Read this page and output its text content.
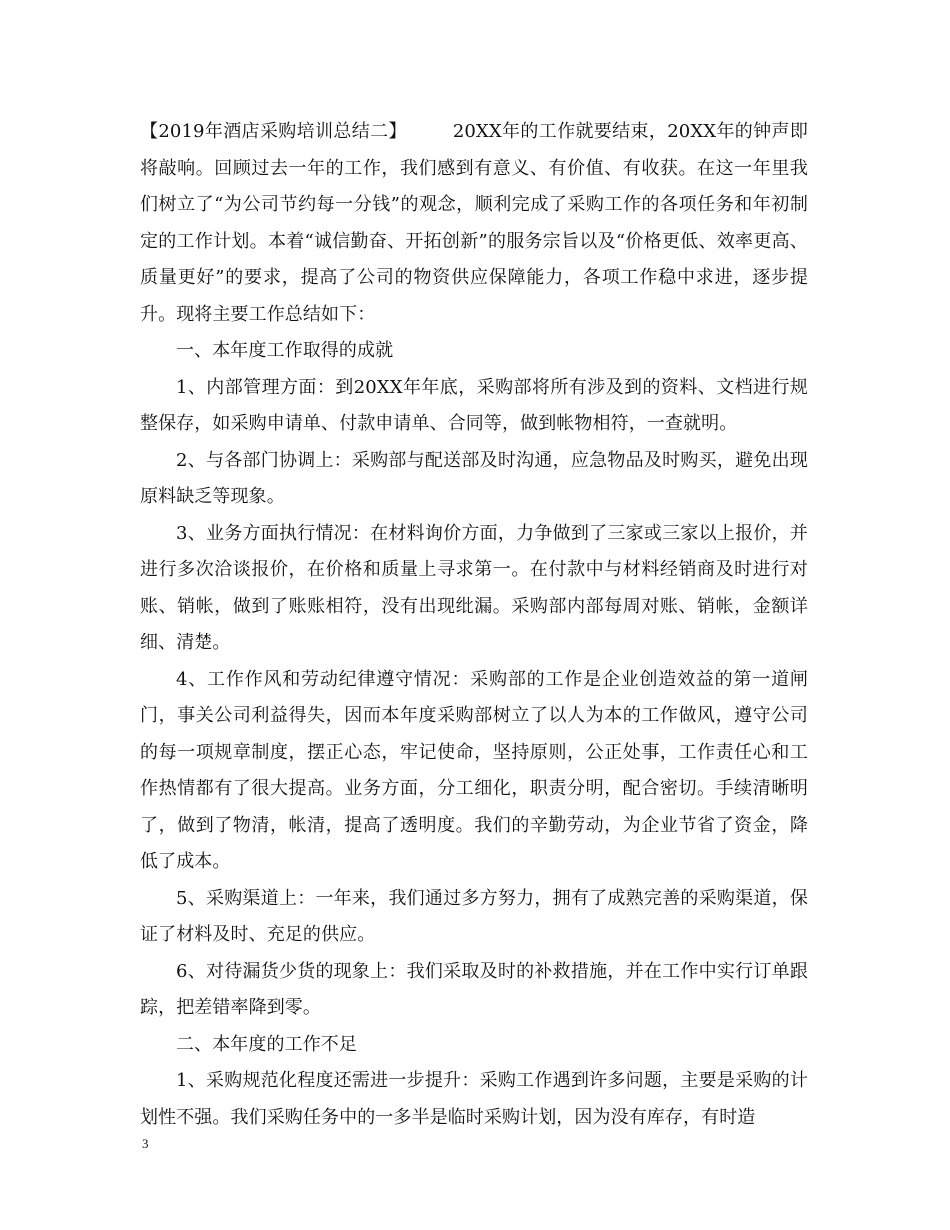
【2019年酒店采购培训总结二】	20XX年的工作就要结束，20XX年的钟声即将敲响。回顾过去一年的工作，我们感到有意义、有价值、有收获。在这一年里我们树立了“为公司节约每一分钱”的观念，顺利完成了采购工作的各项任务和年初制定的工作计划。本着“诚信勤奋、开拓创新”的服务宗旨以及“价格更低、效率更高、质量更好”的要求，提高了公司的物资供应保障能力，各项工作稳中求进，逐步提升。现将主要工作总结如下：

一、本年度工作取得的成就

1、内部管理方面：到20XX年年底，采购部将所有涉及到的资料、文档进行规整保存，如采购申请单、付款申请单、合同等，做到帐物相符，一查就明。

2、与各部门协调上：采购部与配送部及时沟通，应急物品及时购买，避免出现原料缺乏等现象。

3、业务方面执行情况：在材料询价方面，力争做到了三家或三家以上报价，并进行多次洽谈报价，在价格和质量上寻求第一。在付款中与材料经销商及时进行对账、销帐，做到了账账相符，没有出现纰漏。采购部内部每周对账、销帐，金额详细、清楚。

4、工作作风和劳动纪律遵守情况：采购部的工作是企业创造效益的第一道闸门，事关公司利益得失，因而本年度采购部树立了以人为本的工作做风，遵守公司的每一项规章制度，摆正心态，牢记使命，坚持原则，公正处事，工作责任心和工作热情都有了很大提高。业务方面，分工细化，职责分明，配合密切。手续清晰明了，做到了物清，帐清，提高了透明度。我们的辛勤劳动，为企业节省了资金，降低了成本。

5、采购渠道上：一年来，我们通过多方努力，拥有了成熟完善的采购渠道，保证了材料及时、充足的供应。

6、对待漏货少货的现象上：我们采取及时的补救措施，并在工作中实行订单跟踪，把差错率降到零。

二、本年度的工作不足

1、采购规范化程度还需进一步提升：采购工作遇到许多问题，主要是采购的计划性不强。我们采购任务中的一多半是临时采购计划，因为没有库存，有时造

3
